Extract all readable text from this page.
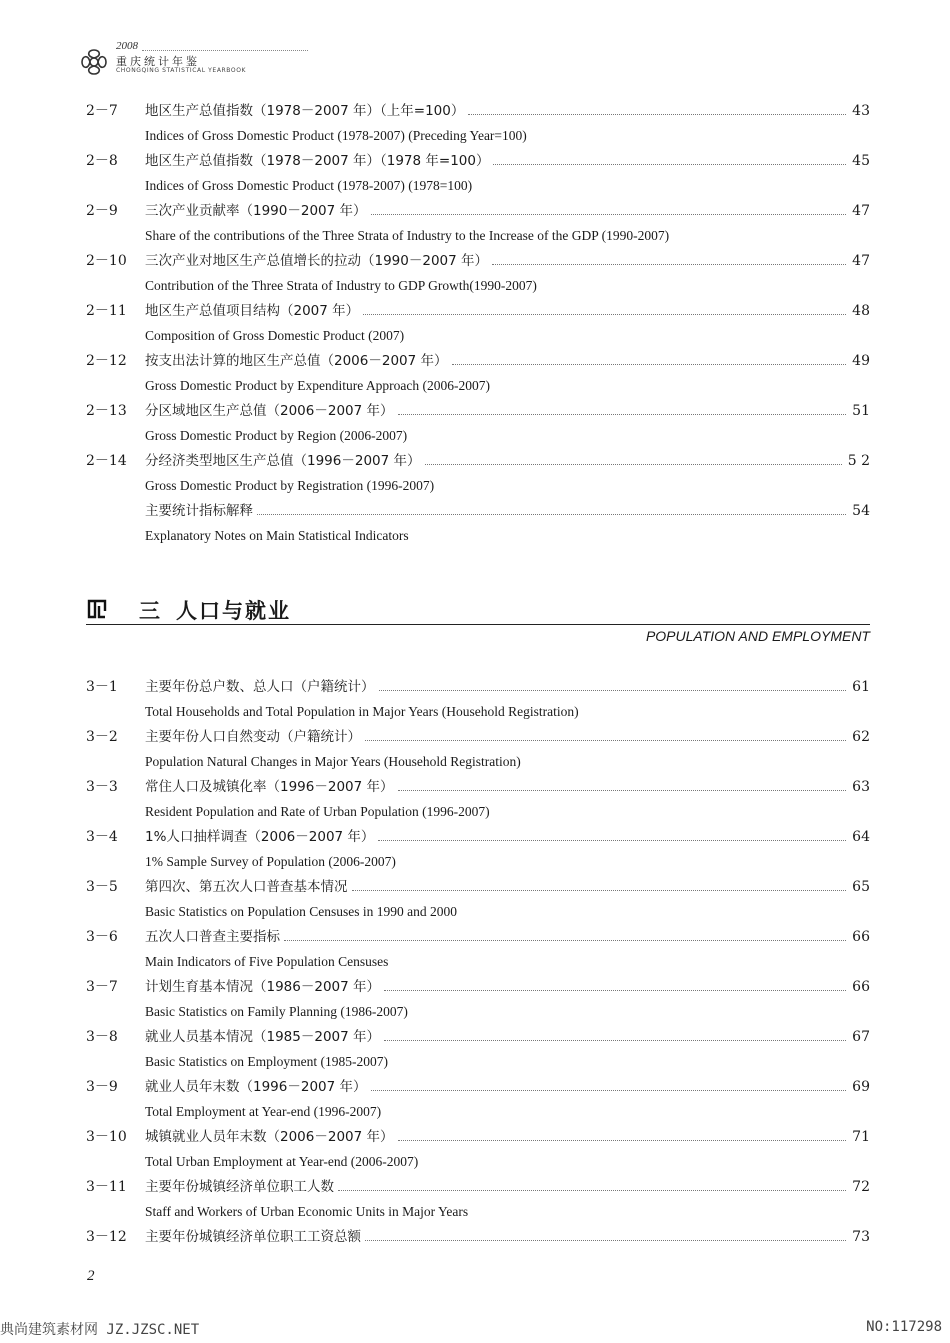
2008
重庆统计年鉴
CHONGQING STATISTICAL YEARBOOK
2－7 地区生产总值指数（1978－2007 年）（上年=100）	43
Indices of Gross Domestic Product (1978-2007) (Preceding Year=100)
2－8 地区生产总值指数（1978－2007 年）（1978 年=100）	45
Indices of Gross Domestic Product (1978-2007) (1978=100)
2－9 三次产业贡献率（1990－2007 年）	47
Share of the contributions of the Three Strata of Industry to the Increase of the GDP (1990-2007)
2－10 三次产业对地区生产总值增长的拉动（1990－2007 年）	47
Contribution of the Three Strata of Industry to GDP Growth(1990-2007)
2－11 地区生产总值项目结构（2007 年）	48
Composition of Gross Domestic Product (2007)
2－12 按支出法计算的地区生产总值（2006－2007 年）	49
Gross Domestic Product by Expenditure Approach (2006-2007)
2－13 分区域地区生产总值（2006－2007 年）	51
Gross Domestic Product by Region (2006-2007)
2－14 分经济类型地区生产总值（1996－2007 年）	5 2
Gross Domestic Product by Registration (1996-2007)
主要统计指标解释	54
Explanatory Notes on Main Statistical Indicators
三 人口与就业
POPULATION AND EMPLOYMENT
3－1 主要年份总户数、总人口（户籍统计）	61
Total Households and Total Population in Major Years (Household Registration)
3－2 主要年份人口自然变动（户籍统计）	62
Population Natural Changes in Major Years (Household Registration)
3－3 常住人口及城镇化率（1996－2007 年）	63
Resident Population and Rate of Urban Population (1996-2007)
3－4 1%人口抽样调查（2006－2007 年）	64
1% Sample Survey of Population (2006-2007)
3－5 第四次、第五次人口普查基本情况	65
Basic Statistics on Population Censuses in 1990 and 2000
3－6 五次人口普查主要指标	66
Main Indicators of Five Population Censuses
3－7 计划生育基本情况（1986－2007 年）	66
Basic Statistics on Family Planning (1986-2007)
3－8 就业人员基本情况（1985－2007 年）	67
Basic Statistics on Employment (1985-2007)
3－9 就业人员年末数（1996－2007 年）	69
Total Employment at Year-end (1996-2007)
3－10 城镇就业人员年末数（2006－2007 年）	71
Total Urban Employment at Year-end (2006-2007)
3－11 主要年份城镇经济单位职工人数	72
Staff and Workers of Urban Economic Units in Major Years
3－12 主要年份城镇经济单位职工工资总额	73
2
典尚建筑素材网 JZ.JZSC.NET	NO:117298
